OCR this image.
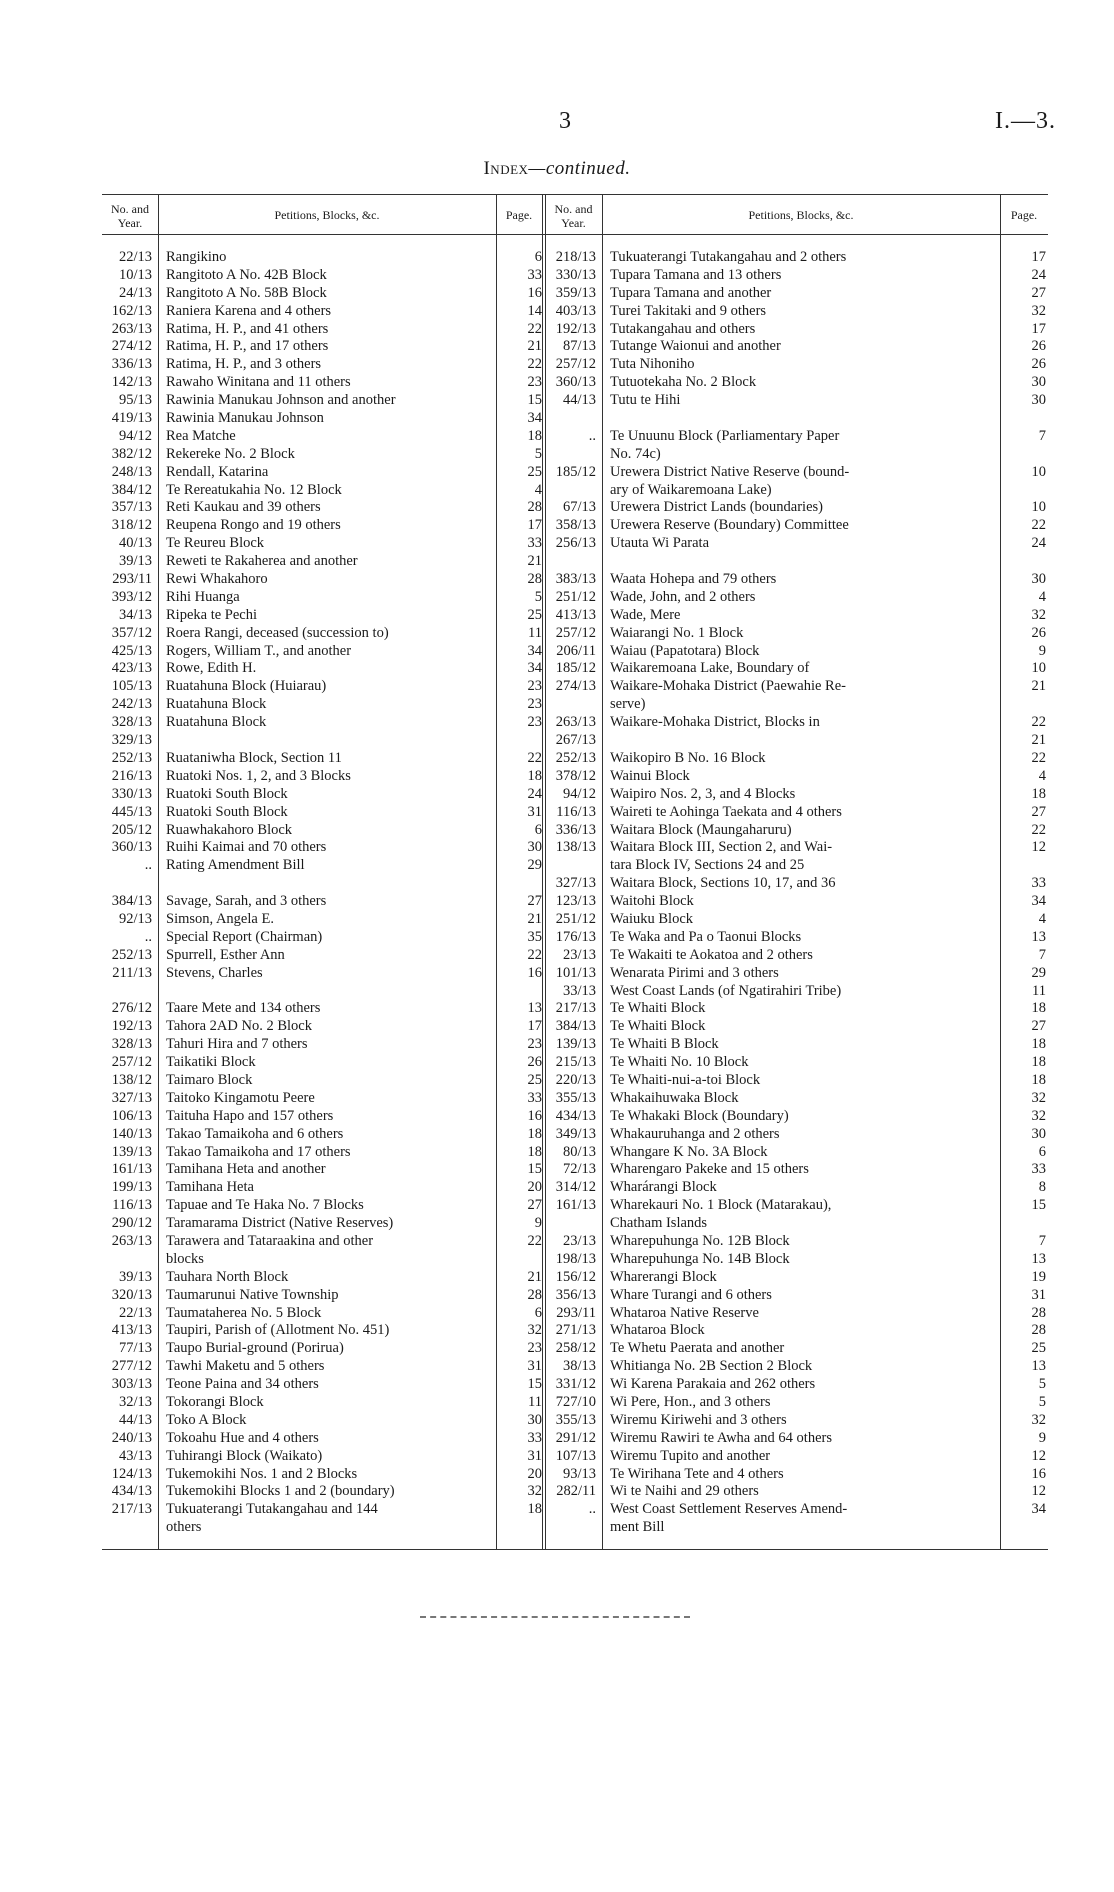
3	I.—3.
Index—continued.
No. and Year.
Petitions, Blocks, &c.	Page.	No. and Year.
Petitions, Blocks, &c.	Page.
22/13 Rangikino	6
10/13 Rangitoto A No. 42B Block	33
24/13 Rangitoto A No. 58B Block	16
162/13 Raniera Karena and 4 others	14
263/13 Ratima, H. P., and 41 others	22
274/12 Ratima, H. P., and 17 others	21
336/13 Ratima, H. P., and 3 others	22
142/13 Rawaho Winitana and 11 others	23
95/13 Rawinia Manukau Johnson and another	15
419/13 Rawinia Manukau Johnson	34
94/12 Rea Matche	18
382/12 Rekereke No. 2 Block	5
248/13 Rendall, Katarina	25
384/12 Te Rereatukahia No. 12 Block	4
357/13 Reti Kaukau and 39 others	28
318/12 Reupena Rongo and 19 others	17
40/13 Te Reureu Block	33
39/13 Reweti te Rakaherea and another	21
293/11 Rewi Whakahoro	28
393/12 Rihi Huanga	5
34/13 Ripeka te Pechi	25
357/12 Roera Rangi, deceased (succession to)	11
425/13 Rogers, William T., and another	34
423/13 Rowe, Edith H.	34
105/13 Ruatahuna Block (Huiarau)	23
242/13 Ruatahuna Block	23
328/13 Ruatahuna Block	23
329/13
252/13 Ruataniwha Block, Section 11	22
216/13 Ruatoki Nos. 1, 2, and 3 Blocks	18
330/13 Ruatoki South Block	24
445/13 Ruatoki South Block	31
205/12 Ruawhakahoro Block	6
360/13 Ruihi Kaimai and 70 others	30
.. Rating Amendment Bill	29
384/13 Savage, Sarah, and 3 others	27
92/13 Simson, Angela E.	21
.. Special Report (Chairman)	35
252/13 Spurrell, Esther Ann	22
211/13 Stevens, Charles	16
276/12 Taare Mete and 134 others	13
192/13 Tahora 2AD No. 2 Block	17
328/13 Tahuri Hira and 7 others	23
257/12 Taikatiki Block	26
138/12 Taimaro Block	25
327/13 Taitoko Kingamotu Peere	33
106/13 Taituha Hapo and 157 others	16
140/13 Takao Tamaikoha and 6 others	18
139/13 Takao Tamaikoha and 17 others	18
161/13 Tamihana Heta and another	15
199/13 Tamihana Heta	20
116/13 Tapuae and Te Haka No. 7 Blocks	27
290/12 Taramarama District (Native Reserves)	9
263/13 Tarawera and Tataraakina and other	22
blocks
39/13 Tauhara North Block	21
320/13 Taumarunui Native Township	28
22/13 Taumataherea No. 5 Block	6
413/13 Taupiri, Parish of (Allotment No. 451)	32
77/13 Taupo Burial-ground (Porirua)	23
277/12 Tawhi Maketu and 5 others	31
303/13 Teone Paina and 34 others	15
32/13 Tokorangi Block	11
44/13 Toko A Block	30
240/13 Tokoahu Hue and 4 others	33
43/13 Tuhirangi Block (Waikato)	31
124/13 Tukemokihi Nos. 1 and 2 Blocks	20
434/13 Tukemokihi Blocks 1 and 2 (boundary)	32
217/13 Tukuaterangi Tutakangahau and 144	18
others
218/13 Tukuaterangi Tutakangahau and 2 others	17
330/13 Tupara Tamana and 13 others	24
359/13 Tupara Tamana and another	27
403/13 Turei Takitaki and 9 others	32
192/13 Tutakangahau and others	17
87/13 Tutange Waionui and another	26
257/12 Tuta Nihoniho	26
360/13 Tutuotekaha No. 2 Block	30
44/13 Tutu te Hihi	30
.. Te Unuunu Block (Parliamentary Paper	7
No. 74c)
185/12 Urewera District Native Reserve (bound-	10
ary of Waikaremoana Lake)
67/13 Urewera District Lands (boundaries)	10
358/13 Urewera Reserve (Boundary) Committee	22
256/13 Utauta Wi Parata	24
383/13 Waata Hohepa and 79 others	30
251/12 Wade, John, and 2 others	4
413/13 Wade, Mere	32
257/12 Waiarangi No. 1 Block	26
206/11 Waiau (Papatotara) Block	9
185/12 Waikaremoana Lake, Boundary of	10
274/13 Waikare-Mohaka District (Paewahie Re-	21
serve)
263/13 Waikare-Mohaka District, Blocks in	22
267/13	21
252/13 Waikopiro B No. 16 Block	22
378/12 Wainui Block	4
94/12 Waipiro Nos. 2, 3, and 4 Blocks	18
116/13 Waireti te Aohinga Taekata and 4 others	27
336/13 Waitara Block (Maungaharuru)	22
138/13 Waitara Block III, Section 2, and Wai-	12
tara Block IV, Sections 24 and 25
327/13 Waitara Block, Sections 10, 17, and 36	33
123/13 Waitohi Block	34
251/12 Waiuku Block	4
176/13 Te Waka and Pa o Taonui Blocks	13
23/13 Te Wakaiti te Aokatoa and 2 others	7
101/13 Wenarata Pirimi and 3 others	29
33/13 West Coast Lands (of Ngatirahiri Tribe)	11
217/13 Te Whaiti Block	18
384/13 Te Whaiti Block	27
139/13 Te Whaiti B Block	18
215/13 Te Whaiti No. 10 Block	18
220/13 Te Whaiti-nui-a-toi Block	18
355/13 Whakaihuwaka Block	32
434/13 Te Whakaki Block (Boundary)	32
349/13 Whakauruhanga and 2 others	30
80/13 Whangare K No. 3A Block	6
72/13 Wharengaro Pakeke and 15 others	33
314/12 Wharárangi Block	8
161/13 Wharekauri No. 1 Block (Matarakau),	15
Chatham Islands
23/13 Wharepuhunga No. 12B Block	7
198/13 Wharepuhunga No. 14B Block	13
156/12 Wharerangi Block	19
356/13 Whare Turangi and 6 others	31
293/11 Whataroa Native Reserve	28
271/13 Whataroa Block	28
258/12 Te Whetu Paerata and another	25
38/13 Whitianga No. 2B Section 2 Block	13
331/12 Wi Karena Parakaia and 262 others	5
727/10 Wi Pere, Hon., and 3 others	5
355/13 Wiremu Kiriwehi and 3 others	32
291/12 Wiremu Rawiri te Awha and 64 others	9
107/13 Wiremu Tupito and another	12
93/13 Te Wirihana Tete and 4 others	16
282/11 Wi te Naihi and 29 others	12
.. West Coast Settlement Reserves Amend-	34
ment Bill
